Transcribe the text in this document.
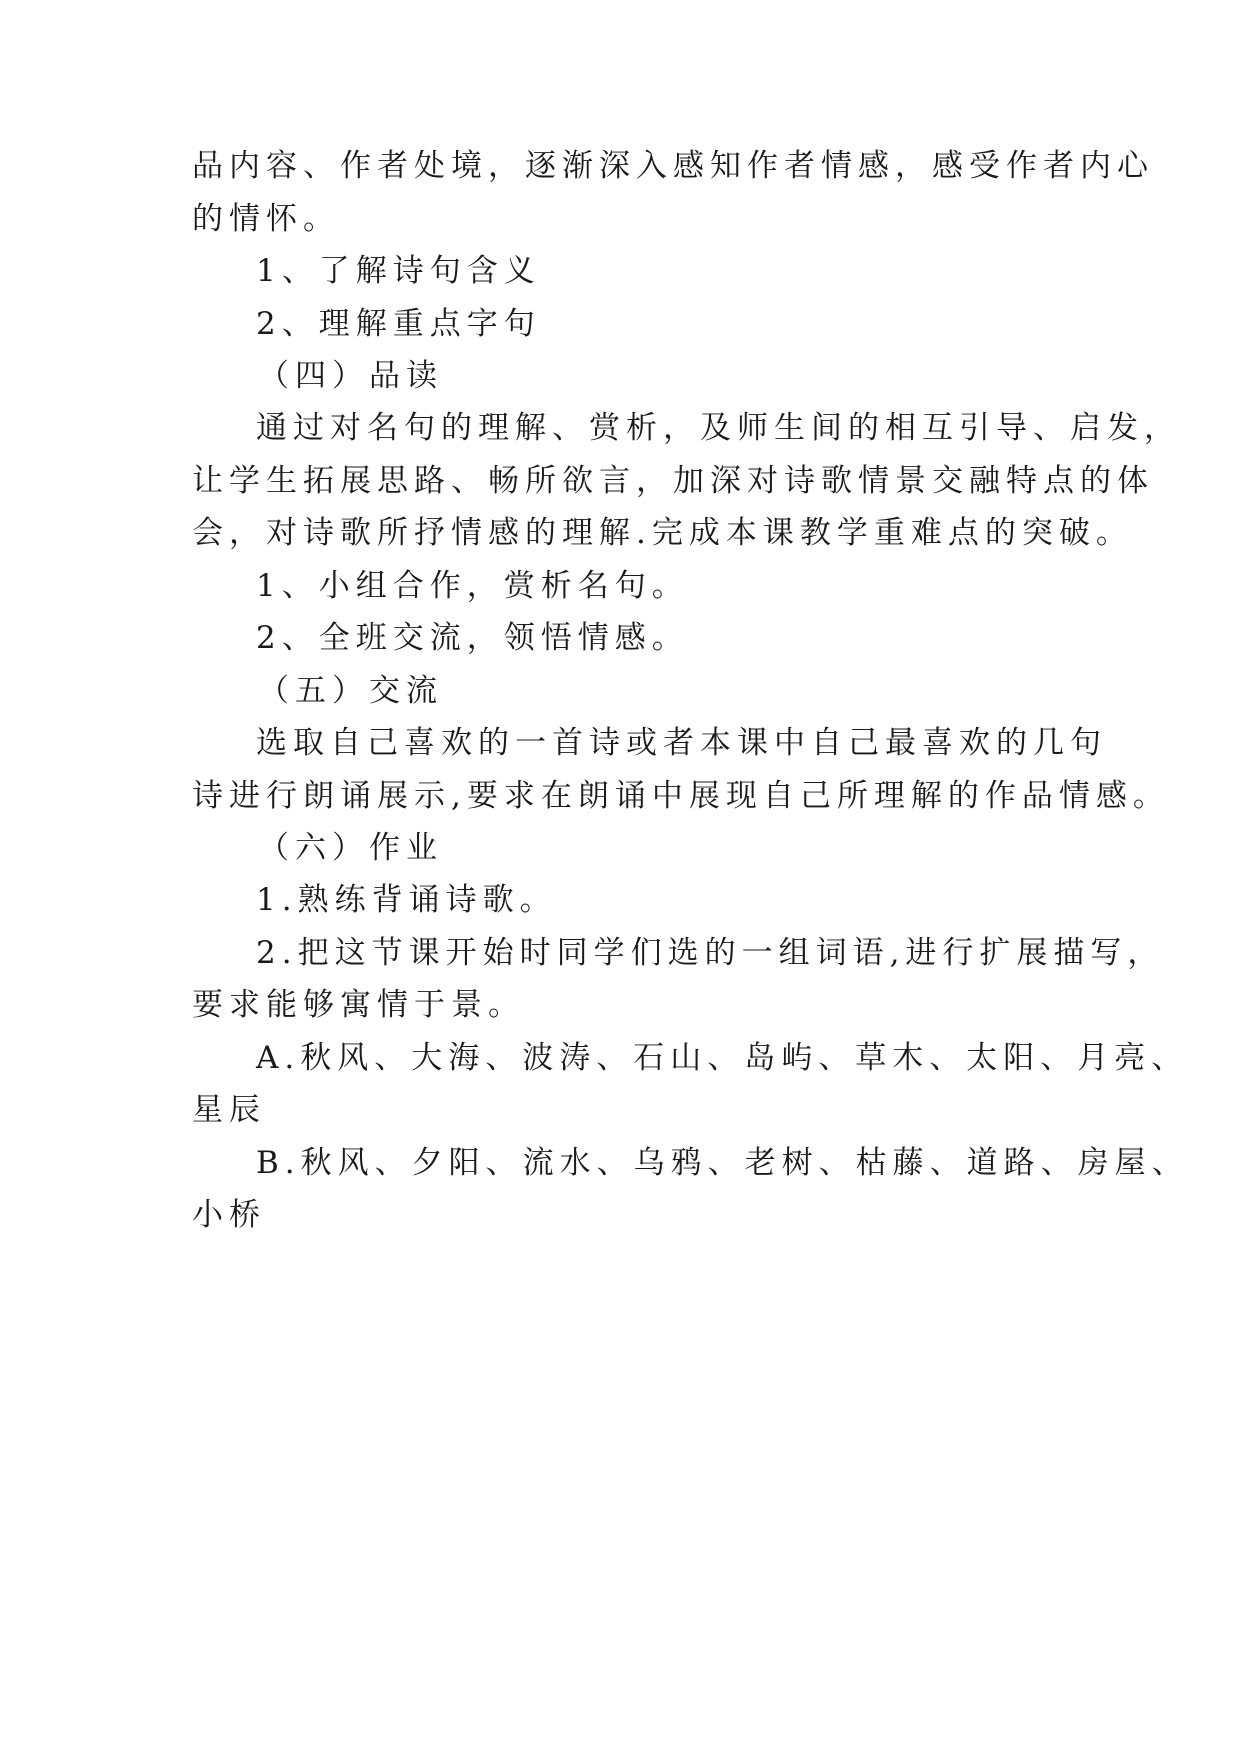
品内容、作者处境，逐渐深入感知作者情感，感受作者内心
的情怀。
1、了解诗句含义
2、理解重点字句
（四）品读
通过对名句的理解、赏析，及师生间的相互引导、启发，
让学生拓展思路、畅所欲言，加深对诗歌情景交融特点的体
会，对诗歌所抒情感的理解.完成本课教学重难点的突破。
1、小组合作，赏析名句。
2、全班交流，领悟情感。
（五）交流
选取自己喜欢的一首诗或者本课中自己最喜欢的几句
诗进行朗诵展示,要求在朗诵中展现自己所理解的作品情感。
（六）作业
1.熟练背诵诗歌。
2.把这节课开始时同学们选的一组词语,进行扩展描写，
要求能够寓情于景。
A.秋风、大海、波涛、石山、岛屿、草木、太阳、月亮、
星辰
B.秋风、夕阳、流水、乌鸦、老树、枯藤、道路、房屋、
小桥
